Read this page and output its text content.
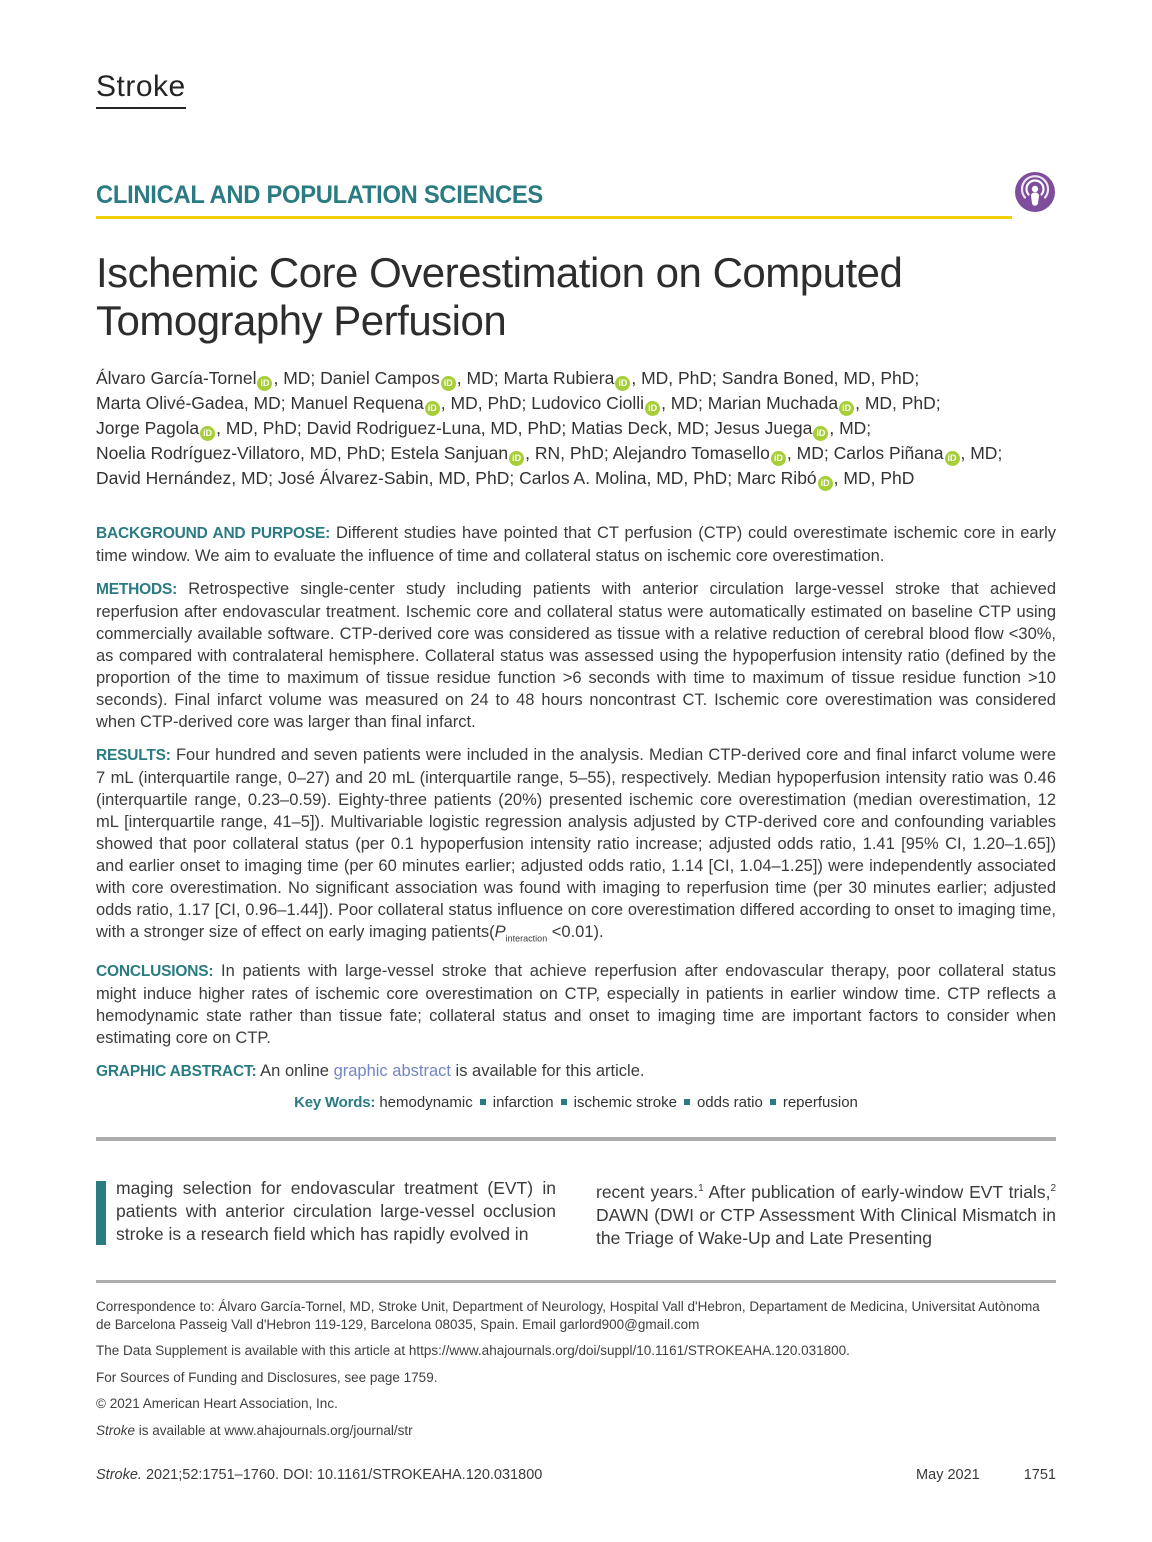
Stroke
CLINICAL AND POPULATION SCIENCES
Ischemic Core Overestimation on Computed
Tomography Perfusion
Álvaro García-Tornel iD , MD; Daniel Campos iD , MD; Marta Rubiera iD , MD, PhD; Sandra Boned, MD, PhD;
Marta Olivé-Gadea, MD; Manuel Requena iD , MD, PhD; Ludovico Ciolli iD , MD; Marian Muchada iD , MD, PhD;
Jorge Pagola iD , MD, PhD; David Rodriguez-Luna, MD, PhD; Matias Deck, MD; Jesus Juega iD , MD;
Noelia Rodríguez-Villatoro, MD, PhD; Estela Sanjuan iD , RN, PhD; Alejandro Tomasello iD , MD; Carlos Piñana iD , MD;
David Hernández, MD; José Álvarez-Sabin, MD, PhD; Carlos A. Molina, MD, PhD; Marc Ribó iD , MD, PhD

BACKGROUND AND PURPOSE: Different studies have pointed that CT perfusion (CTP) could overestimate ischemic core in early time window. We aim to evaluate the influence of time and collateral status on ischemic core overestimation.

METHODS: Retrospective single-center study including patients with anterior circulation large-vessel stroke that achieved reperfusion after endovascular treatment. Ischemic core and collateral status were automatically estimated on baseline CTP using commercially available software. CTP-derived core was considered as tissue with a relative reduction of cerebral blood flow <30%, as compared with contralateral hemisphere. Collateral status was assessed using the hypoperfusion intensity ratio (defined by the proportion of the time to maximum of tissue residue function >6 seconds with time to maximum of tissue residue function >10 seconds). Final infarct volume was measured on 24 to 48 hours noncontrast CT. Ischemic core overestimation was considered when CTP-derived core was larger than final infarct.

RESULTS: Four hundred and seven patients were included in the analysis. Median CTP-derived core and final infarct volume were 7 mL (interquartile range, 0–27) and 20 mL (interquartile range, 5–55), respectively. Median hypoperfusion intensity ratio was 0.46 (interquartile range, 0.23–0.59). Eighty-three patients (20%) presented ischemic core overestimation (median overestimation, 12 mL [interquartile range, 41–5]). Multivariable logistic regression analysis adjusted by CTP-derived core and confounding variables showed that poor collateral status (per 0.1 hypoperfusion intensity ratio increase; adjusted odds ratio, 1.41 [95% CI, 1.20–1.65]) and earlier onset to imaging time (per 60 minutes earlier; adjusted odds ratio, 1.14 [CI, 1.04–1.25]) were independently associated with core overestimation. No significant association was found with imaging to reperfusion time (per 30 minutes earlier; adjusted odds ratio, 1.17 [CI, 0.96–1.44]). Poor collateral status influence on core overestimation differed according to onset to imaging time, with a stronger size of effect on early imaging $patients(P_{interaction} <0.01)$.

CONCLUSIONS: In patients with large-vessel stroke that achieve reperfusion after endovascular therapy, poor collateral status might induce higher rates of ischemic core overestimation on CTP, especially in patients in earlier window time. CTP reflects a hemodynamic state rather than tissue fate; collateral status and onset to imaging time are important factors to consider when estimating core on CTP.

GRAPHIC ABSTRACT: An online graphic abstract is available for this article.

Key Words: hemodynamic infarction ischemic stroke odds ratio reperfusion
maging selection for endovascular treatment (EVT) in patients with anterior circulation large-vessel occlusion stroke is a research field which has rapidly evolved in
recent years.$^1$ After publication of early-window EVT trials,$^2$ DAWN (DWI or CTP Assessment With Clinical Mismatch in the Triage of Wake-Up and Late Presenting

Correspondence to: Álvaro García-Tornel, MD, Stroke Unit, Department of Neurology, Hospital Vall d'Hebron, Departament de Medicina, Universitat Autònoma de Barcelona Passeig Vall d'Hebron 119-129, Barcelona 08035, Spain. Email garlord900@gmail.com

The Data Supplement is available with this article at https://www.ahajournals.org/doi/suppl/10.1161/STROKEAHA.120.031800.

For Sources of Funding and Disclosures, see page 1759.

© 2021 American Heart Association, Inc.

Stroke is available at www.ahajournals.org/journal/str

Stroke. 2021;52:1751–1760. DOI: 10.1161/STROKEAHA.120.031800	May 2021	1751
